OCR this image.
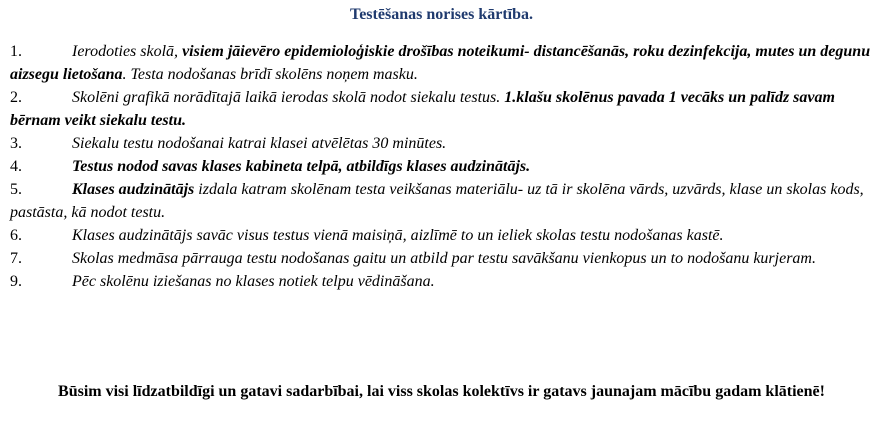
Testēšanas norises kārtība.

1.	Ierodoties skolā, visiem jāievēro epidemioloģiskie drošības noteikumi- distancēšanās, roku dezinfekcija, mutes un degunu aizsegu lietošana. Testa nodošanas brīdī skolēns noņem masku.

2.	Skolēni grafikā norādītajā laikā ierodas skolā nodot siekalu testus. 1.klašu skolēnus pavada 1 vecāks un palīdz savam bērnam veikt siekalu testu.

3.	Siekalu testu nodošanai katrai klasei atvēlētas 30 minūtes.

4.	Testus nodod savas klases kabineta telpā, atbildīgs klases audzinātājs.

5.	Klases audzinātājs izdala katram skolēnam testa veikšanas materiālu- uz tā ir skolēna vārds, uzvārds, klase un skolas kods, pastāsta, kā nodot testu.

6.	Klases audzinātājs savāc visus testus vienā maisiņā, aizlīmē to un ieliek skolas testu nodošanas kastē.

7.	Skolas medmāsa pārrauga testu nodošanas gaitu un atbild par testu savākšanu vienkopus un to nodošanu kurjeram.

9.	Pēc skolēnu iziešanas no klases notiek telpu vēdināšana.

Būsim visi līdzatbildīgi un gatavi sadarbībai, lai viss skolas kolektīvs ir gatavs jaunajam mācību gadam klātienē!
